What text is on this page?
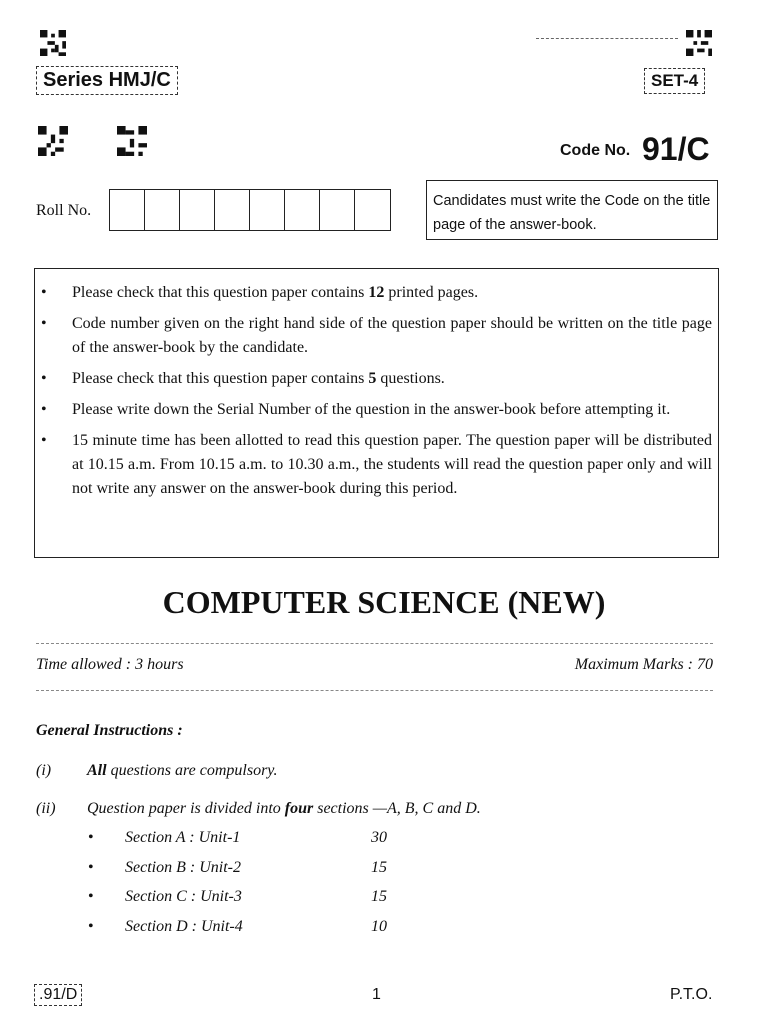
Series HMJ/C	SET-4
Code No. 91/C
Roll No.
Candidates must write the Code on the title page of the answer-book.
• Please check that this question paper contains 12 printed pages.
• Code number given on the right hand side of the question paper should be written on the title page of the answer-book by the candidate.
• Please check that this question paper contains 5 questions.
• Please write down the Serial Number of the question in the answer-book before attempting it.
• 15 minute time has been allotted to read this question paper. The question paper will be distributed at 10.15 a.m. From 10.15 a.m. to 10.30 a.m., the students will read the question paper only and will not write any answer on the answer-book during this period.
COMPUTER SCIENCE (NEW)
Time allowed : 3 hours	Maximum Marks : 70
General Instructions :
(i) All questions are compulsory.
(ii) Question paper is divided into four sections —A, B, C and D.
• Section A : Unit-1	30
• Section B : Unit-2	15
• Section C : Unit-3	15
• Section D : Unit-4	10
.91/D	1	P.T.O.
